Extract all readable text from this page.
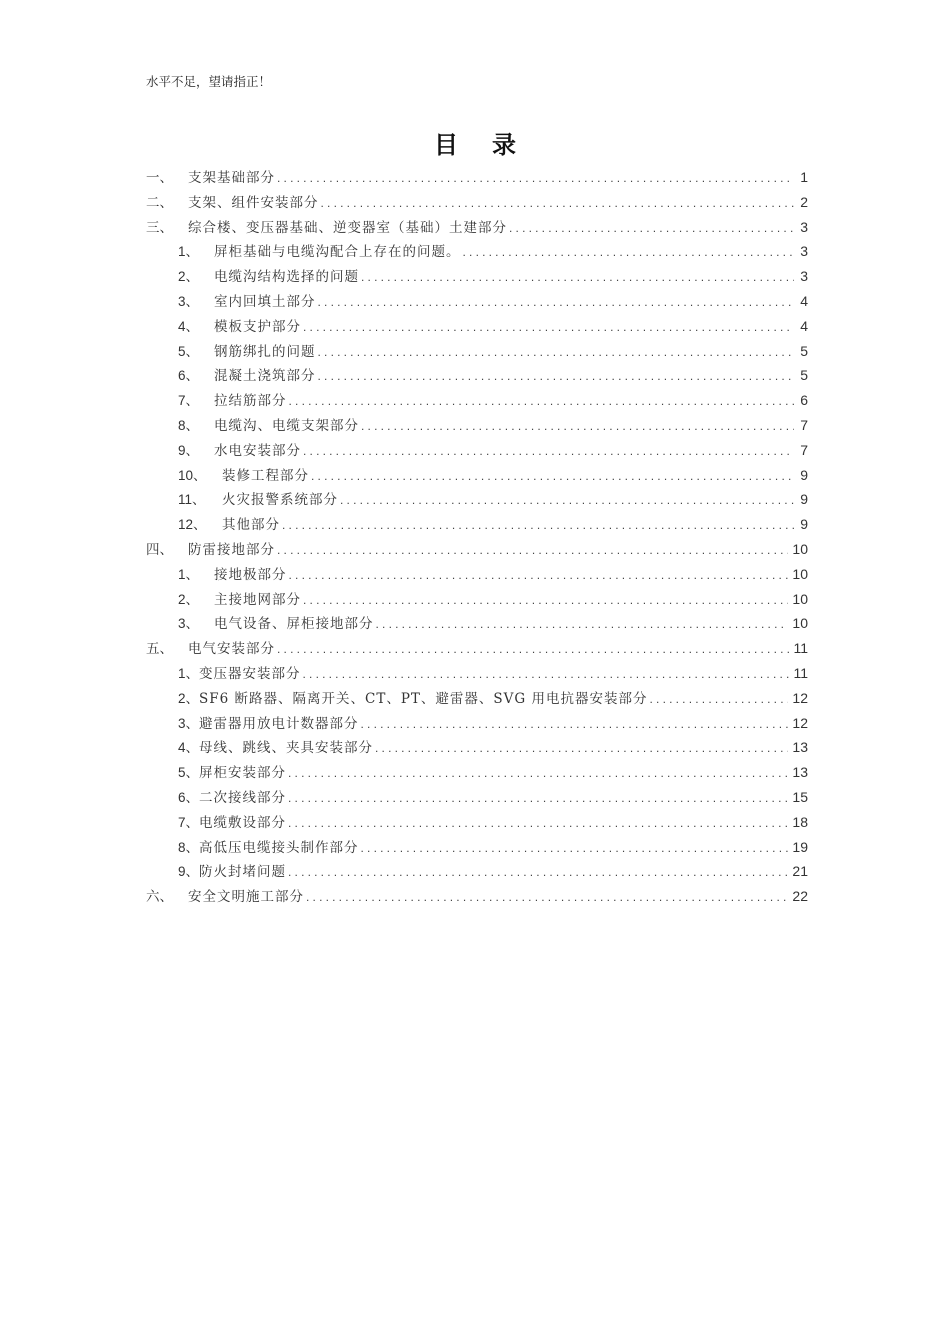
水平不足，望请指正！
目录
一、	支架基础部分 .....	1
二、	支架、组件安装部分 .....	2
三、	综合楼、变压器基础、逆变器室（基础）土建部分 .....	3
1、	屏柜基础与电缆沟配合上存在的问题。 .....	3
2、	电缆沟结构选择的问题 .....	3
3、	室内回填土部分 .....	4
4、	模板支护部分 .....	4
5、	钢筋绑扎的问题 .....	5
6、	混凝土浇筑部分 .....	5
7、	拉结筋部分 .....	6
8、	电缆沟、电缆支架部分 .....	7
9、	水电安装部分 .....	7
10、	装修工程部分 .....	9
11、	火灾报警系统部分 .....	9
12、	其他部分 .....	9
四、	防雷接地部分 .....	10
1、	接地极部分 .....	10
2、	主接地网部分 .....	10
3、	电气设备、屏柜接地部分 .....	10
五、	电气安装部分 .....	11
1、 变压器安装部分 .....	11
2、 SF6 断路器、隔离开关、CT、PT、避雷器、SVG 用电抗器安装部分 .....	12
3、 避雷器用放电计数器部分 .....	12
4、 母线、跳线、夹具安装部分 .....	13
5、 屏柜安装部分 .....	13
6、 二次接线部分 .....	15
7、 电缆敷设部分 .....	18
8、 高低压电缆接头制作部分 .....	19
9、 防火封堵问题 .....	21
六、	安全文明施工部分 .....	22
